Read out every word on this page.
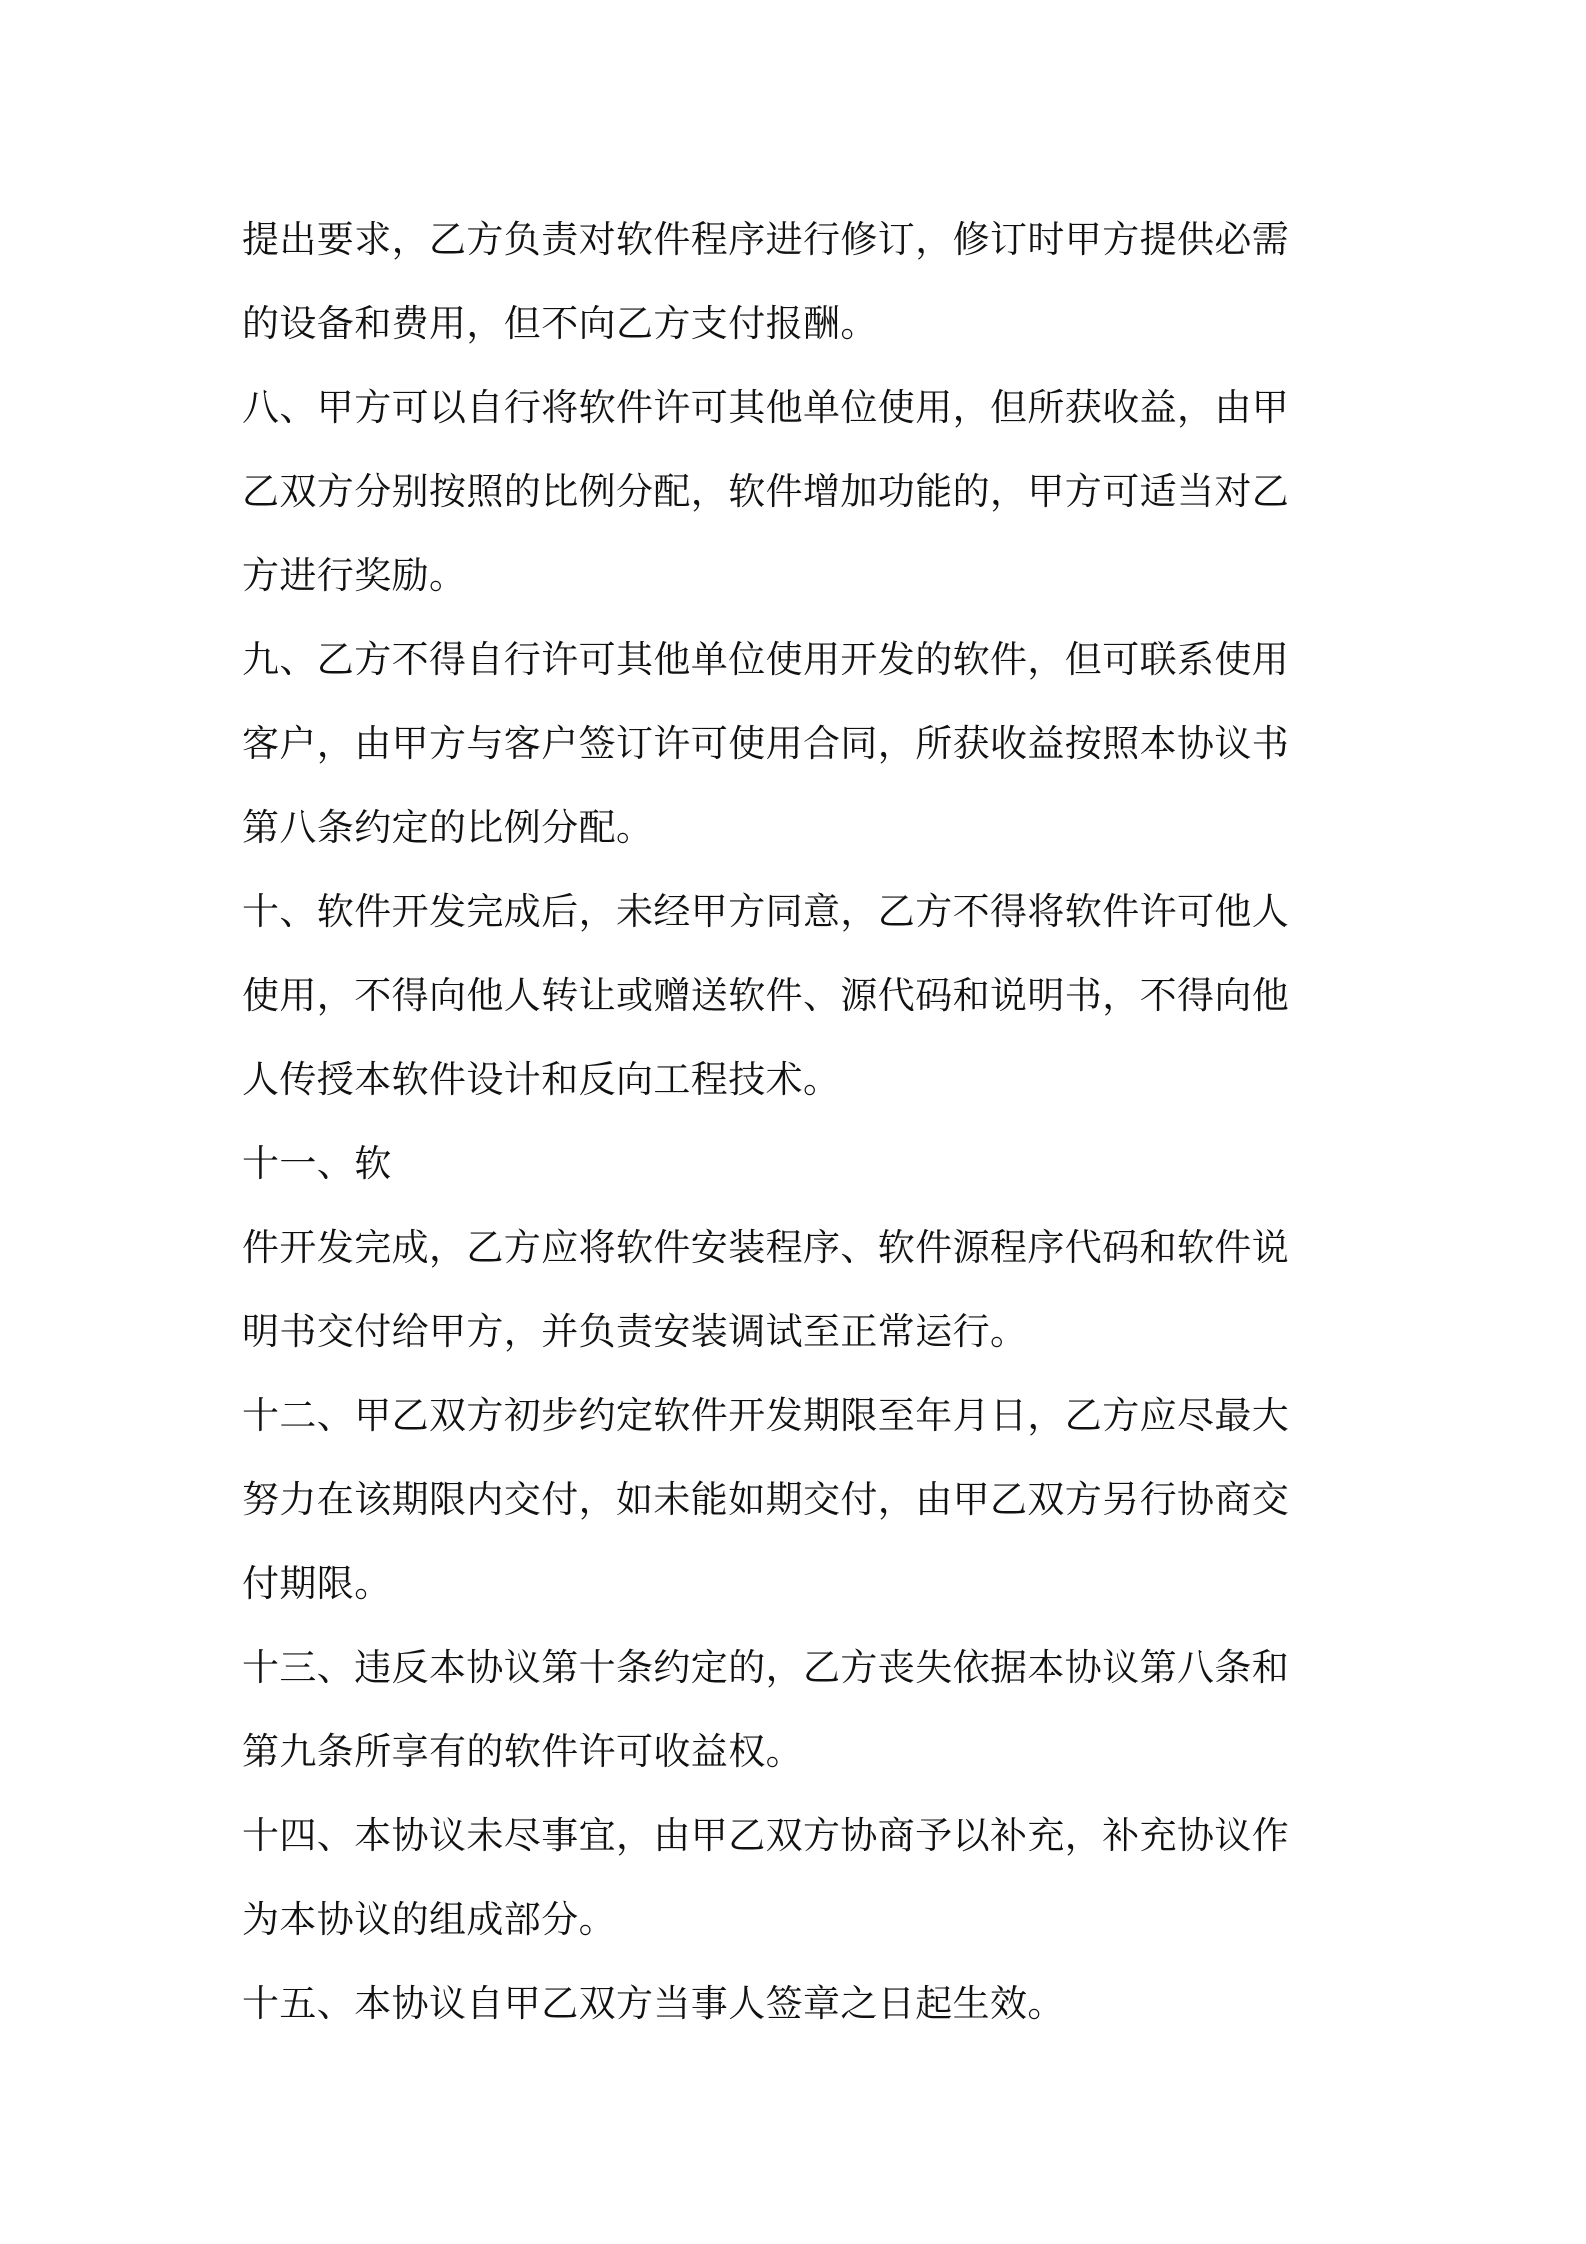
提出要求，乙方负责对软件程序进行修订，修订时甲方提供必需
的设备和费用，但不向乙方支付报酬。
八、甲方可以自行将软件许可其他单位使用，但所获收益，由甲
乙双方分别按照的比例分配，软件增加功能的，甲方可适当对乙
方进行奖励。
九、乙方不得自行许可其他单位使用开发的软件，但可联系使用
客户，由甲方与客户签订许可使用合同，所获收益按照本协议书
第八条约定的比例分配。
十、软件开发完成后，未经甲方同意，乙方不得将软件许可他人
使用，不得向他人转让或赠送软件、源代码和说明书，不得向他
人传授本软件设计和反向工程技术。
十一、软
件开发完成，乙方应将软件安装程序、软件源程序代码和软件说
明书交付给甲方，并负责安装调试至正常运行。
十二、甲乙双方初步约定软件开发期限至年月日，乙方应尽最大
努力在该期限内交付，如未能如期交付，由甲乙双方另行协商交
付期限。
十三、违反本协议第十条约定的，乙方丧失依据本协议第八条和
第九条所享有的软件许可收益权。
十四、本协议未尽事宜，由甲乙双方协商予以补充，补充协议作
为本协议的组成部分。
十五、本协议自甲乙双方当事人签章之日起生效。
